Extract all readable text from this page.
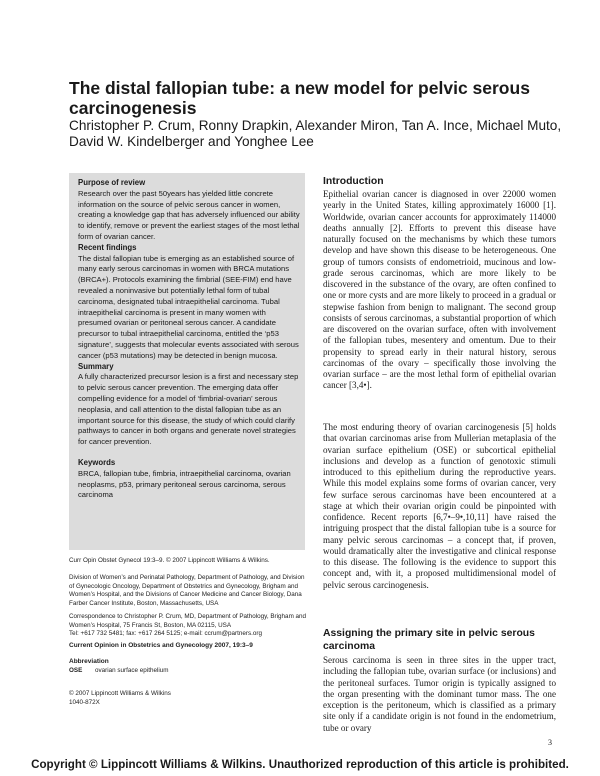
The distal fallopian tube: a new model for pelvic serous carcinogenesis

Christopher P. Crum, Ronny Drapkin, Alexander Miron, Tan A. Ince, Michael Muto, David W. Kindelberger and Yonghee Lee

Purpose of review

Research over the past 50years has yielded little concrete information on the source of pelvic serous cancer in women, creating a knowledge gap that has adversely influenced our ability to identify, remove or prevent the earliest stages of the most lethal form of ovarian cancer.

Recent findings

The distal fallopian tube is emerging as an established source of many early serous carcinomas in women with BRCA mutations (BRCA+). Protocols examining the fimbrial (SEE-FIM) end have revealed a noninvasive but potentially lethal form of tubal carcinoma, designated tubal intraepithelial carcinoma. Tubal intraepithelial carcinoma is present in many women with presumed ovarian or peritoneal serous cancer. A candidate precursor to tubal intraepithelial carcinoma, entitled the ‘p53 signature’, suggests that molecular events associated with serous cancer (p53 mutations) may be detected in benign mucosa.

Summary

A fully characterized precursor lesion is a first and necessary step to pelvic serous cancer prevention. The emerging data offer compelling evidence for a model of ‘fimbrial-ovarian’ serous neoplasia, and call attention to the distal fallopian tube as an important source for this disease, the study of which could clarify pathways to cancer in both organs and generate novel strategies for cancer prevention.

Keywords

BRCA, fallopian tube, fimbria, intraepithelial carcinoma, ovarian neoplasms, p53, primary peritoneal serous carcinoma, serous carcinoma

Curr Opin Obstet Gynecol 19:3–9. © 2007 Lippincott Williams & Wilkins.

Division of Women’s and Perinatal Pathology, Department of Pathology, and Division of Gynecologic Oncology, Department of Obstetrics and Gynecology, Brigham and Women’s Hospital, and the Divisions of Cancer Medicine and Cancer Biology, Dana Farber Cancer Institute, Boston, Massachusetts, USA

Correspondence to Christopher P. Crum, MD, Department of Pathology, Brigham and Women’s Hospital, 75 Francis St, Boston, MA 02115, USA

Tel: +617 732 5481; fax: +617 264 5125; e-mail: ccrum@partners.org

Current Opinion in Obstetrics and Gynecology 2007, 19:3–9

Abbreviation

OSE ovarian surface epithelium

© 2007 Lippincott Williams & Wilkins

1040-872X

Introduction

Epithelial ovarian cancer is diagnosed in over 22000 women yearly in the United States, killing approximately 16000 [1]. Worldwide, ovarian cancer accounts for approximately 114000 deaths annually [2]. Efforts to prevent this disease have naturally focused on the mechanisms by which these tumors develop and have shown this disease to be heterogeneous. One group of tumors consists of endometrioid, mucinous and low-grade serous carcinomas, which are more likely to be discovered in the substance of the ovary, are often confined to one or more cysts and are more likely to proceed in a gradual or stepwise fashion from benign to malignant. The second group consists of serous carcinomas, a substantial proportion of which are discovered on the ovarian surface, often with involvement of the fallopian tubes, mesentery and omentum. Due to their propensity to spread early in their natural history, serous carcinomas of the ovary – specifically those involving the ovarian surface – are the most lethal form of epithelial ovarian cancer [3,4•].

The most enduring theory of ovarian carcinogenesis [5] holds that ovarian carcinomas arise from Mullerian metaplasia of the ovarian surface epithelium (OSE) or subcortical epithelial inclusions and develop as a function of genotoxic stimuli introduced to this epithelium during the reproductive years. While this model explains some forms of ovarian cancer, very few surface serous carcinomas have been encountered at a stage at which their ovarian origin could be pinpointed with confidence. Recent reports [6,7•–9•,10,11] have raised the intriguing prospect that the distal fallopian tube is a source for many pelvic serous carcinomas – a concept that, if proven, would dramatically alter the investigative and clinical response to this disease. The following is the evidence to support this concept and, with it, a proposed multidimensional model of pelvic serous carcinogenesis.

Assigning the primary site in pelvic serous carcinoma

Serous carcinoma is seen in three sites in the upper tract, including the fallopian tube, ovarian surface (or inclusions) and the peritoneal surfaces. Tumor origin is typically assigned to the organ presenting with the dominant tumor mass. The one exception is the peritoneum, which is classified as a primary site only if a candidate origin is not found in the endometrium, tube or ovary

3
Copyright © Lippincott Williams & Wilkins. Unauthorized reproduction of this article is prohibited.
